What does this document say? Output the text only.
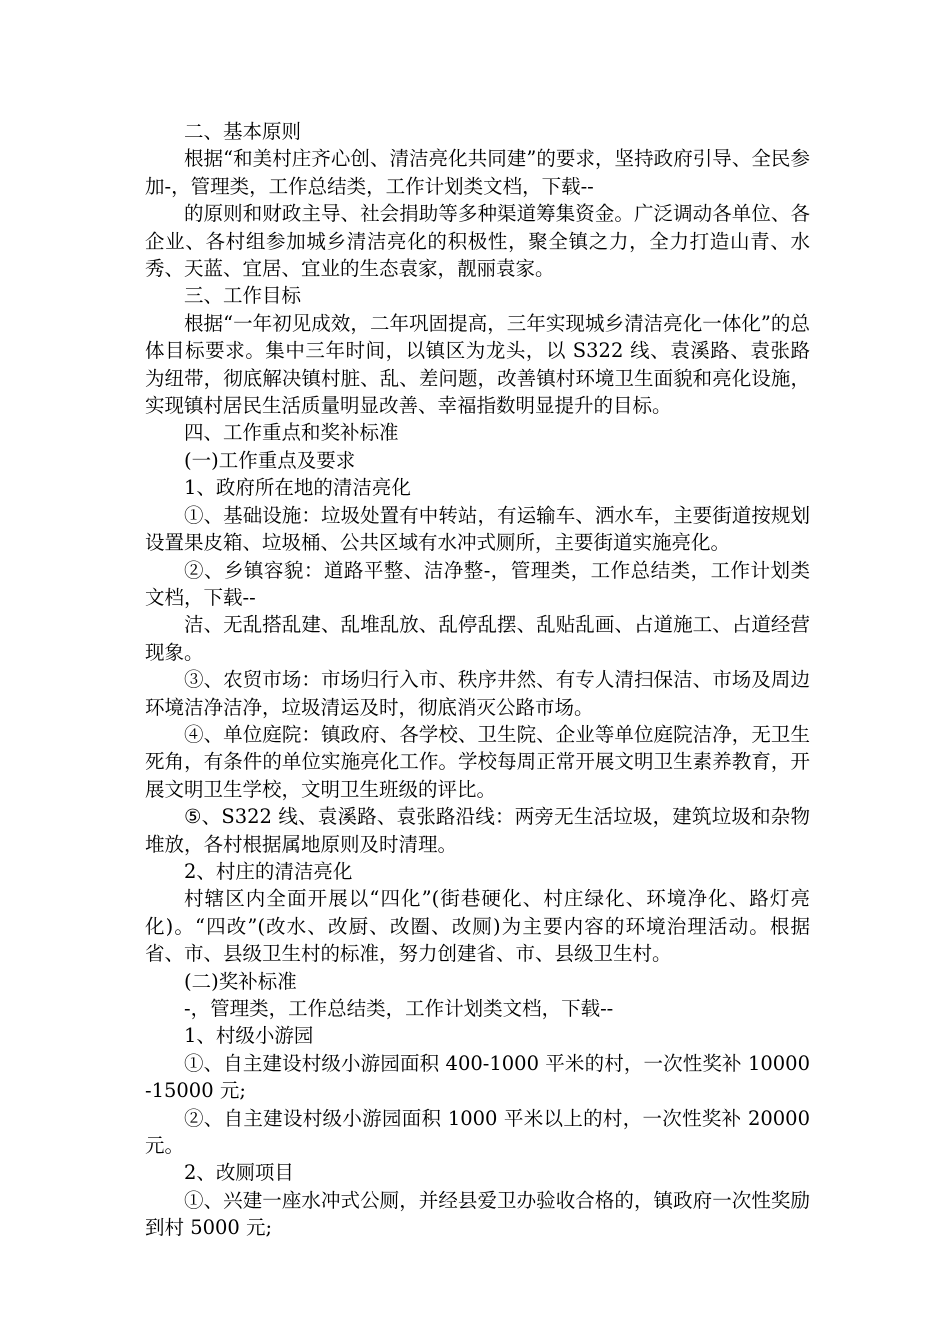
二、基本原则

根据“和美村庄齐心创、清洁亮化共同建”的要求，坚持政府引导、全民参加-，管理类，工作总结类，工作计划类文档，下载--

的原则和财政主导、社会捐助等多种渠道筹集资金。广泛调动各单位、各企业、各村组参加城乡清洁亮化的积极性，聚全镇之力，全力打造山青、水秀、天蓝、宜居、宜业的生态袁家，靓丽袁家。

三、工作目标

根据“一年初见成效，二年巩固提高，三年实现城乡清洁亮化一体化”的总体目标要求。集中三年时间，以镇区为龙头，以 S322 线、袁溪路、袁张路为纽带，彻底解决镇村脏、乱、差问题，改善镇村环境卫生面貌和亮化设施，实现镇村居民生活质量明显改善、幸福指数明显提升的目标。

四、工作重点和奖补标准

(一)工作重点及要求

1、政府所在地的清洁亮化

①、基础设施：垃圾处置有中转站，有运输车、洒水车，主要街道按规划设置果皮箱、垃圾桶、公共区域有水冲式厕所，主要街道实施亮化。

②、乡镇容貌：道路平整、洁净整-，管理类，工作总结类，工作计划类文档，下载--

洁、无乱搭乱建、乱堆乱放、乱停乱摆、乱贴乱画、占道施工、占道经营现象。

③、农贸市场：市场归行入市、秩序井然、有专人清扫保洁、市场及周边环境洁净洁净，垃圾清运及时，彻底消灭公路市场。

④、单位庭院：镇政府、各学校、卫生院、企业等单位庭院洁净，无卫生死角，有条件的单位实施亮化工作。学校每周正常开展文明卫生素养教育，开展文明卫生学校，文明卫生班级的评比。

⑤、S322 线、袁溪路、袁张路沿线：两旁无生活垃圾，建筑垃圾和杂物堆放，各村根据属地原则及时清理。

2、村庄的清洁亮化

村辖区内全面开展以“四化”(街巷硬化、村庄绿化、环境净化、路灯亮化)。“四改”(改水、改厨、改圈、改厕)为主要内容的环境治理活动。根据省、市、县级卫生村的标准，努力创建省、市、县级卫生村。

(二)奖补标准

-，管理类，工作总结类，工作计划类文档，下载--

1、村级小游园

①、自主建设村级小游园面积 400-1000 平米的村，一次性奖补 10000-15000 元;

②、自主建设村级小游园面积 1000 平米以上的村，一次性奖补 20000 元。

2、改厕项目

①、兴建一座水冲式公厕，并经县爱卫办验收合格的，镇政府一次性奖励到村 5000 元;
